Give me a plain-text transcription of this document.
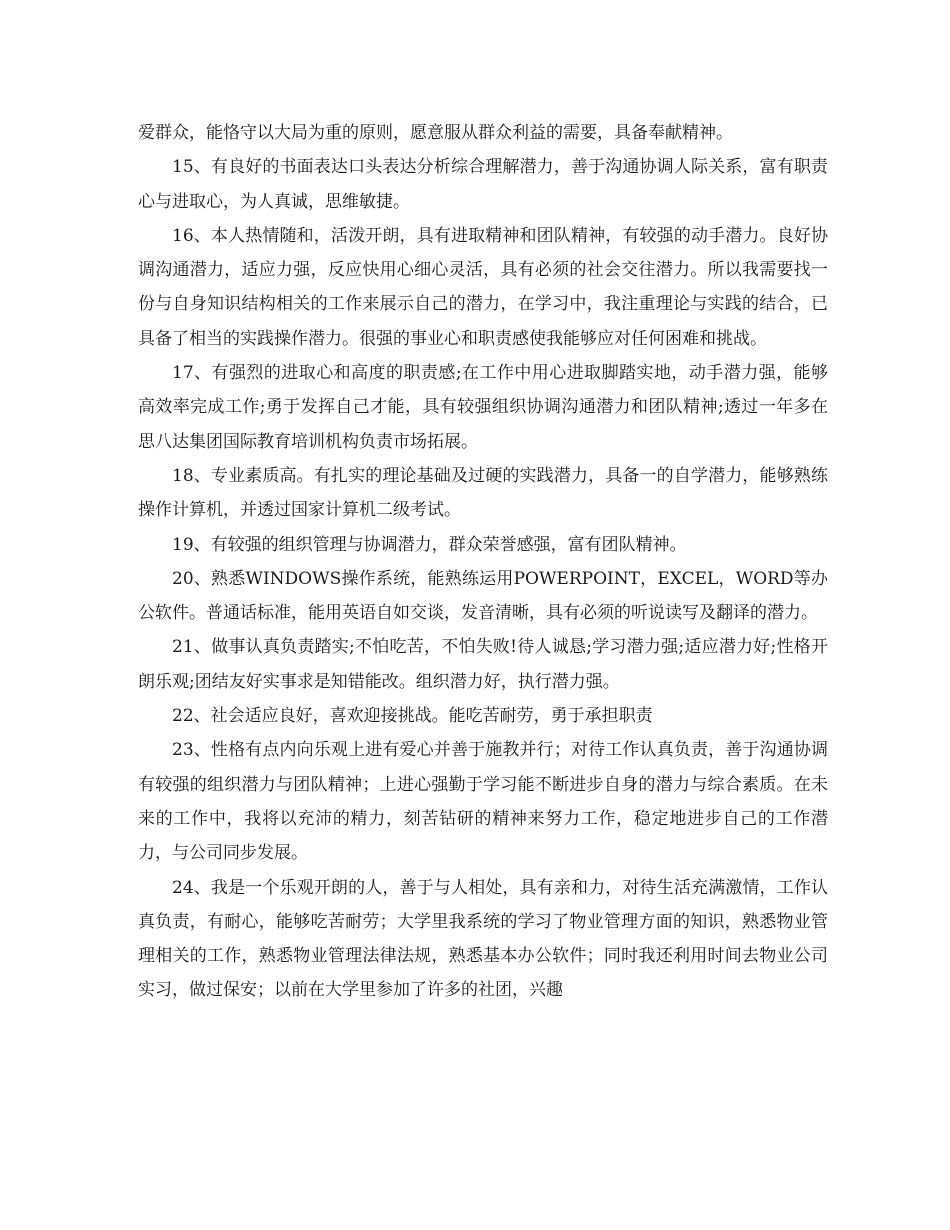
爱群众，能恪守以大局为重的原则，愿意服从群众利益的需要，具备奉献精神。

15、有良好的书面表达口头表达分析综合理解潜力，善于沟通协调人际关系，富有职责心与进取心，为人真诚，思维敏捷。

16、本人热情随和，活泼开朗，具有进取精神和团队精神，有较强的动手潜力。良好协调沟通潜力，适应力强，反应快用心细心灵活，具有必须的社会交往潜力。所以我需要找一份与自身知识结构相关的工作来展示自己的潜力，在学习中，我注重理论与实践的结合，已具备了相当的实践操作潜力。很强的事业心和职责感使我能够应对任何困难和挑战。

17、有强烈的进取心和高度的职责感;在工作中用心进取脚踏实地，动手潜力强，能够高效率完成工作;勇于发挥自己才能，具有较强组织协调沟通潜力和团队精神;透过一年多在思八达集团国际教育培训机构负责市场拓展。

18、专业素质高。有扎实的理论基础及过硬的实践潜力，具备一的自学潜力，能够熟练操作计算机，并透过国家计算机二级考试。

19、有较强的组织管理与协调潜力，群众荣誉感强，富有团队精神。

20、熟悉WINDOWS操作系统，能熟练运用POWERPOINT，EXCEL，WORD等办公软件。普通话标准，能用英语自如交谈，发音清晰，具有必须的听说读写及翻译的潜力。

21、做事认真负责踏实;不怕吃苦，不怕失败!待人诚恳;学习潜力强;适应潜力好;性格开朗乐观;团结友好实事求是知错能改。组织潜力好，执行潜力强。

22、社会适应良好，喜欢迎接挑战。能吃苦耐劳，勇于承担职责

23、性格有点内向乐观上进有爱心并善于施教并行；对待工作认真负责，善于沟通协调有较强的组织潜力与团队精神；上进心强勤于学习能不断进步自身的潜力与综合素质。在未来的工作中，我将以充沛的精力，刻苦钻研的精神来努力工作，稳定地进步自己的工作潜力，与公司同步发展。

24、我是一个乐观开朗的人，善于与人相处，具有亲和力，对待生活充满激情，工作认真负责，有耐心，能够吃苦耐劳；大学里我系统的学习了物业管理方面的知识，熟悉物业管理相关的工作，熟悉物业管理法律法规，熟悉基本办公软件；同时我还利用时间去物业公司实习，做过保安；以前在大学里参加了许多的社团，兴趣
